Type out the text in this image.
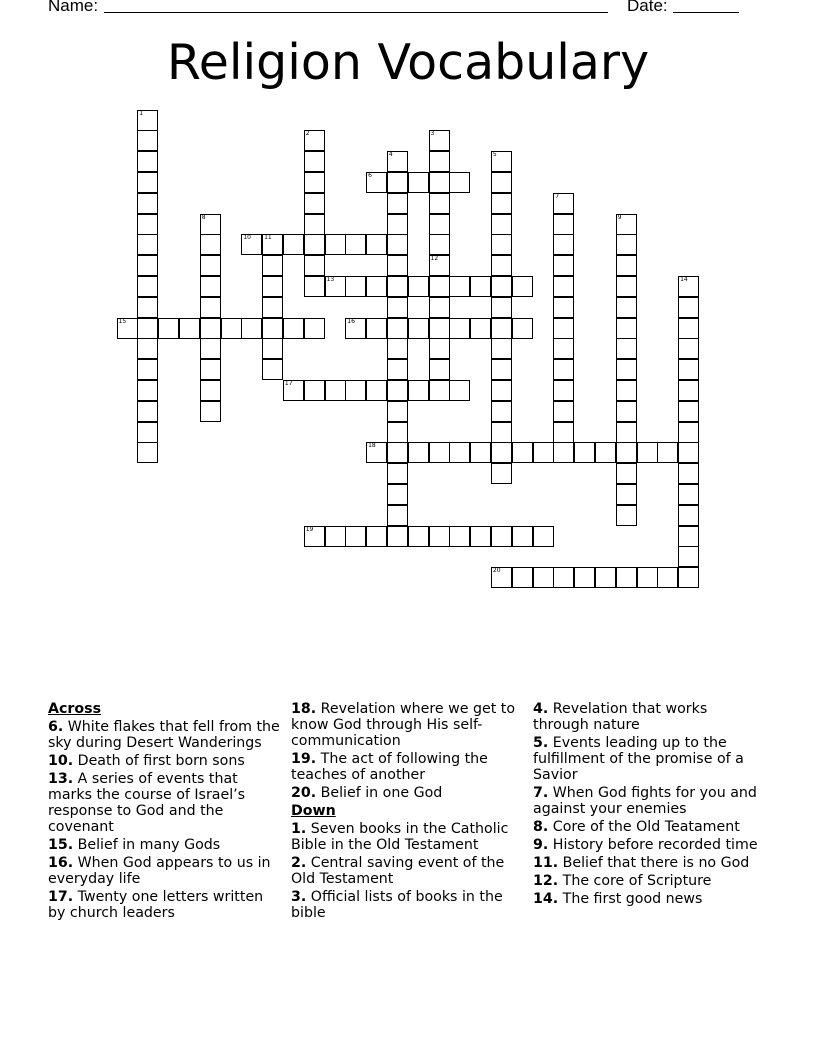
Name:	Date:
Religion Vocabulary
1
2	3
4	5
6
7
8	9
10 11
12
13	14
15	16
17
18
19
20
Across
6. White flakes that fell from the sky during Desert Wanderings
10. Death of first born sons
13. A series of events that marks the course of Israel’s response to God and the covenant
15. Belief in many Gods
16. When God appears to us in everyday life
17. Twenty one letters written by church leaders
18. Revelation where we get to know God through His self-communication
19. The act of following the teaches of another
20. Belief in one God
Down
1. Seven books in the Catholic Bible in the Old Testament
2. Central saving event of the Old Testament
3. Official lists of books in the bible
4. Revelation that works through nature
5. Events leading up to the fulfillment of the promise of a Savior
7. When God fights for you and against your enemies
8. Core of the Old Teatament
9. History before recorded time
11. Belief that there is no God
12. The core of Scripture
14. The first good news
